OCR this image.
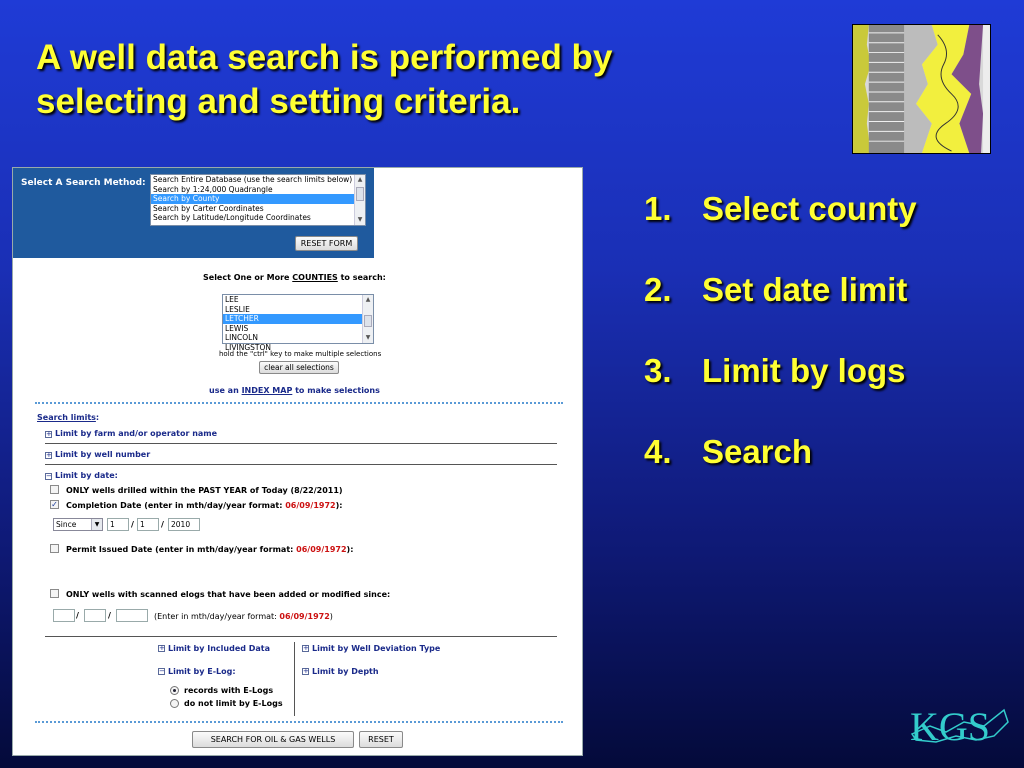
A well data search is performed by
selecting and setting criteria.
Select A Search Method: Search Entire Database (use the search limits below)
Search by 1:24,000 Quadrangle
Search by County
Search by Carter Coordinates
Search by Latitude/Longitude Coordinates
▲
▼
RESET FORM
Select One or More COUNTIES to search:
LEE
LESLIE
LETCHER
LEWIS
LINCOLN
LIVINGSTON
▲
▼
hold the "ctrl" key to make multiple selections
clear all selections
use an INDEX MAP to make selections
Search limits:
+ Limit by farm and/or operator name
+ Limit by well number
− Limit by date:
ONLY wells drilled within the PAST YEAR of Today (8/22/2011)
✓ Completion Date (enter in mth/day/year format: 06/09/1972):
Since	▼	1	/ 1	/ 2010
Permit Issued Date (enter in mth/day/year format: 06/09/1972):
ONLY wells with scanned elogs that have been added or modified since:
/	/	(Enter in mth/day/year format: 06/09/1972)
+ Limit by Included Data	+ Limit by Well Deviation Type
− Limit by E-Log:	+ Limit by Depth
records with E-Logs
do not limit by E-Logs
SEARCH FOR OIL & GAS WELLS	RESET
1. Select county
2. Set date limit
3. Limit by logs
4. Search
KGS
